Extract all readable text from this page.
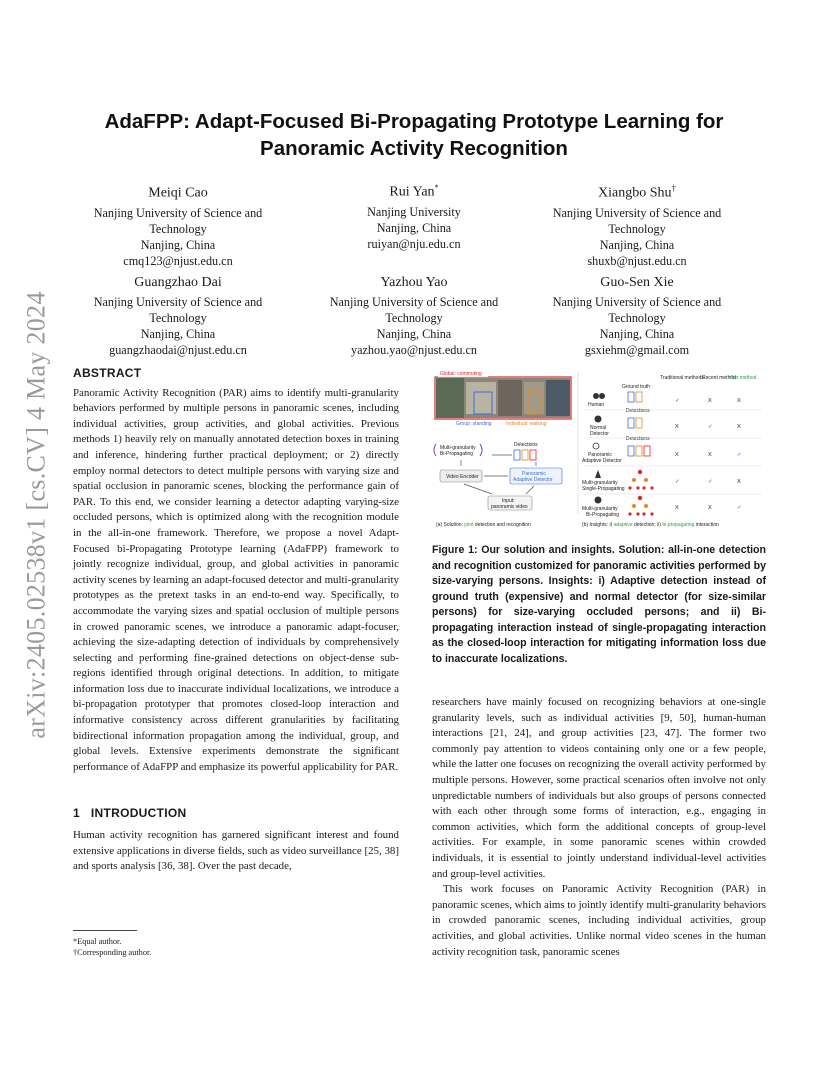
arXiv:2405.02538v1 [cs.CV] 4 May 2024
AdaFPP: Adapt-Focused Bi-Propagating Prototype Learning for
Panoramic Activity Recognition
Meiqi Cao
Nanjing University of Science and
Technology
Nanjing, China
cmq123@njust.edu.cn
Rui Yan*
Nanjing University
Nanjing, China
ruiyan@nju.edu.cn
Xiangbo Shu†
Nanjing University of Science and
Technology
Nanjing, China
shuxb@njust.edu.cn
Guangzhao Dai
Nanjing University of Science and
Technology
Nanjing, China
guangzhaodai@njust.edu.cn
Yazhou Yao
Nanjing University of Science and
Technology
Nanjing, China
yazhou.yao@njust.edu.cn
Guo-Sen Xie
Nanjing University of Science and
Technology
Nanjing, China
gsxiehm@gmail.com
ABSTRACT

Panoramic Activity Recognition (PAR) aims to identify multi-granularity behaviors performed by multiple persons in panoramic scenes, including individual activities, group activities, and global activities. Previous methods 1) heavily rely on manually annotated detection boxes in training and inference, hindering further practical deployment; or 2) directly employ normal detectors to detect multiple persons with varying size and spatial occlusion in panoramic scenes, blocking the performance gain of PAR. To this end, we consider learning a detector adapting varying-size occluded persons, which is optimized along with the recognition module in the all-in-one framework. Therefore, we propose a novel Adapt-Focused bi-Propagating Prototype learning (AdaFPP) framework to jointly recognize individual, group, and global activities in panoramic activity scenes by learning an adapt-focused detector and multi-granularity prototypes as the pretext tasks in an end-to-end way. Specifically, to accommodate the varying sizes and spatial occlusion of multiple persons in crowed panoramic scenes, we introduce a panoramic adapt-focuser, achieving the size-adapting detection of individuals by comprehensively selecting and performing fine-grained detections on object-dense sub-regions identified through original detections. In addition, to mitigate information loss due to inaccurate individual localizations, we introduce a bi-propagation prototyper that promotes closed-loop interaction and informative consistency across different granularities by facilitating bidirectional information propagation among the individual, group, and global levels. Extensive experiments demonstrate the significant performance of AdaFPP and emphasize its powerful applicability for PAR.

1 INTRODUCTION

Human activity recognition has garnered significant interest and found extensive applications in diverse fields, such as video surveillance [25, 38] and sports analysis [36, 38]. Over the past decade,

*Equal author.
†Corresponding author.
Global: commuting
Group: standing	Individual: walking
Multi-granularity
Bi-Propagating
Detections
Video Encoder	Panoramic
Adaptive Detector
Input:
panoramic video
Traditional methods
Recent method
Our method
Ground truth
Detections
Detections
Human
✓	X	X
Normal
Detector
X	✓	X
Panoramic
Adaptive Detector
X	X	✓
Multi-granularity
Single-Propagating
✓	✓	X
Multi-granularity
Bi-Propagating
X	X	✓
(a) Solution: joint detection and recognition	(b) Insights: i) adaptive detection; ii) bi-propagating interaction
Figure 1: Our solution and insights. Solution: all-in-one detection and recognition customized for panoramic activities performed by size-varying persons. Insights: i) Adaptive detection instead of ground truth (expensive) and normal detector (for size-similar persons) for size-varying occluded persons; and ii) Bi-propagating interaction instead of single-propagating interaction as the closed-loop interaction for mitigating information loss due to inaccurate localizations.

researchers have mainly focused on recognizing behaviors at one-single granularity levels, such as individual activities [9, 50], human-human interactions [21, 24], and group activities [23, 47]. The former two commonly pay attention to videos containing only one or a few people, while the latter one focuses on recognizing the overall activity performed by multiple persons. However, some practical scenarios often involve not only unpredictable numbers of individuals but also groups of persons connected with each other through some forms of interaction, e.g., engaging in common activities, which form the additional concepts of group-level activities. For example, in some panoramic scenes within crowded individuals, it is essential to jointly understand individual-level activities and group-level activities.

This work focuses on Panoramic Activity Recognition (PAR) in panoramic scenes, which aims to jointly identify multi-granularity behaviors in crowded panoramic scenes, including individual activities, group activities, and global activities. Unlike normal video scenes in the human activity recognition task, panoramic scenes
